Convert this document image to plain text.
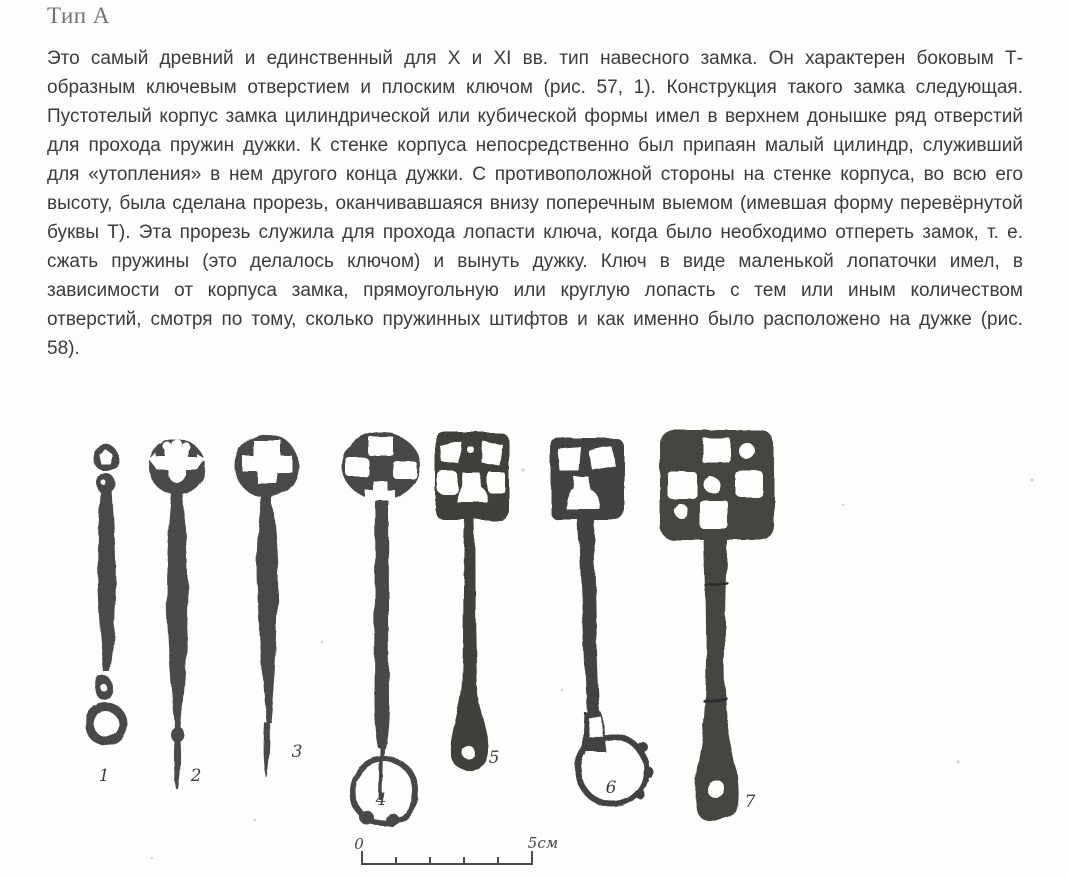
Тип А

Это самый древний и единственный для X и XI вв. тип навесного замка. Он характерен боковым Т-образным ключевым отверстием и плоским ключом (рис. 57, 1). Конструкция такого замка следующая. Пустотелый корпус замка цилиндрической или кубической формы имел в верхнем донышке ряд отверстий для прохода пружин дужки. К стенке корпуса непосредственно был припаян малый цилиндр, служивший для «утопления» в нем другого конца дужки. С противоположной стороны на стенке корпуса, во всю его высоту, была сделана прорезь, оканчивавшаяся внизу поперечным выемом (имевшая форму перевёрнутой буквы Т). Эта прорезь служила для прохода лопасти ключа, когда было необходимо отпереть замок, т. е. сжать пружины (это делалось ключом) и вынуть дужку. Ключ в виде маленькой лопаточки имел, в зависимости от корпуса замка, прямоугольную или круглую лопасть с тем или иным количеством отверстий, смотря по тому, сколько пружинных штифтов и как именно было расположено на дужке (рис. 58).

1	2
3
4
5
6
7
0	5см
